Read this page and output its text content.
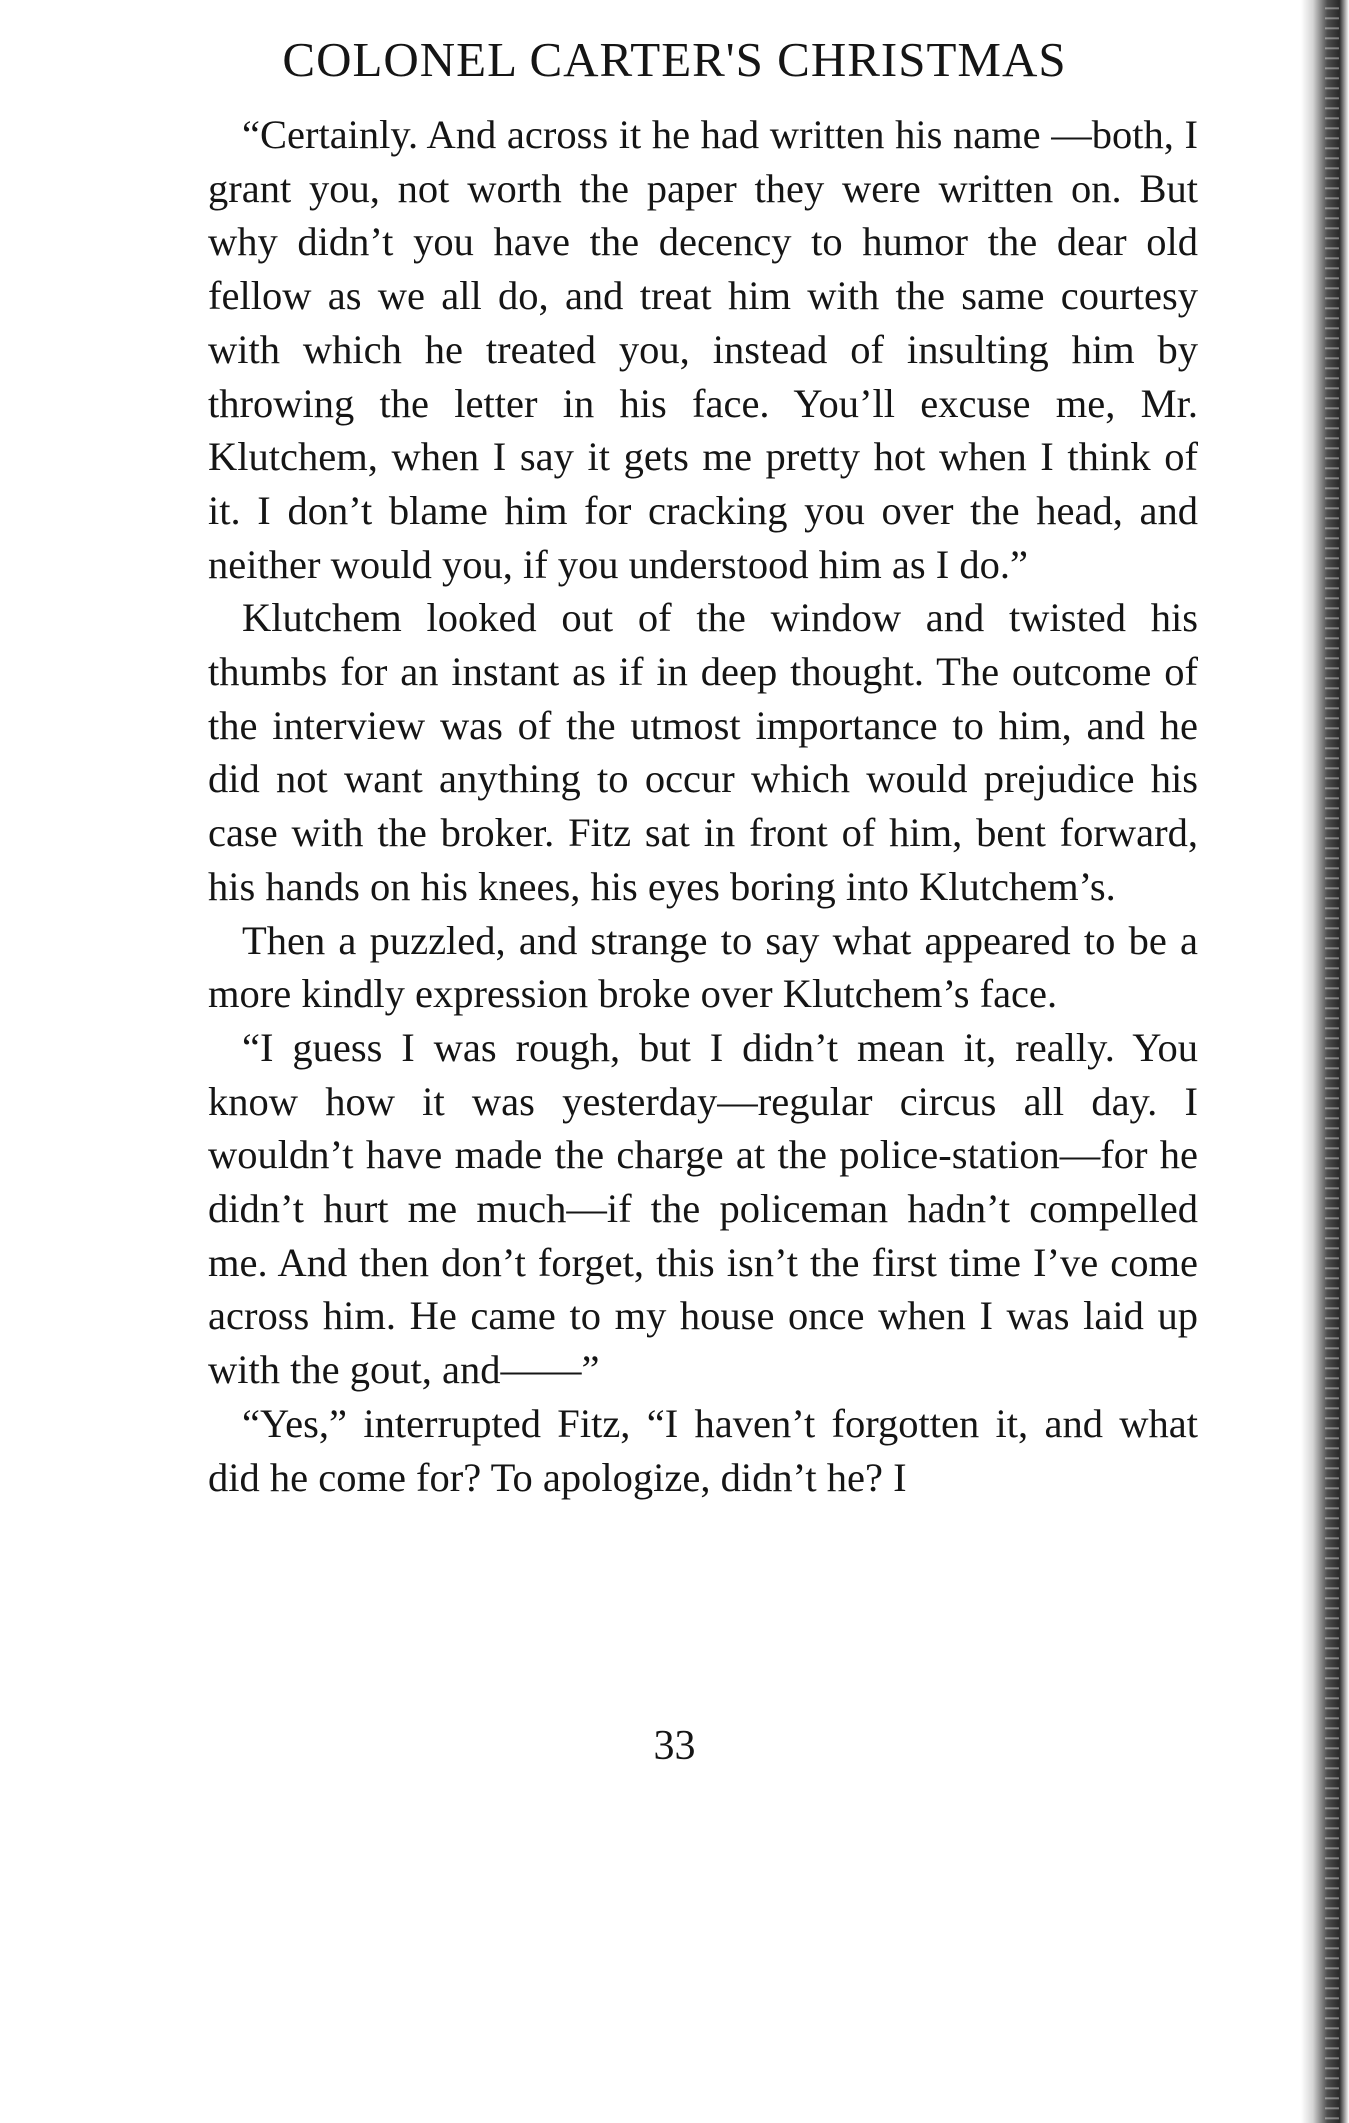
COLONEL CARTER'S CHRISTMAS

“Certainly. And across it he had written his name —both, I grant you, not worth the paper they were written on. But why didn’t you have the decency to humor the dear old fellow as we all do, and treat him with the same courtesy with which he treated you, instead of insulting him by throwing the letter in his face. You’ll excuse me, Mr. Klutchem, when I say it gets me pretty hot when I think of it. I don’t blame him for cracking you over the head, and neither would you, if you understood him as I do.”

Klutchem looked out of the window and twisted his thumbs for an instant as if in deep thought. The outcome of the interview was of the utmost importance to him, and he did not want anything to occur which would prejudice his case with the broker. Fitz sat in front of him, bent forward, his hands on his knees, his eyes boring into Klutchem’s.

Then a puzzled, and strange to say what appeared to be a more kindly expression broke over Klutchem’s face.

“I guess I was rough, but I didn’t mean it, really. You know how it was yesterday—regular circus all day. I wouldn’t have made the charge at the police-station—for he didn’t hurt me much—if the policeman hadn’t compelled me. And then don’t forget, this isn’t the first time I’ve come across him. He came to my house once when I was laid up with the gout, and——”

“Yes,” interrupted Fitz, “I haven’t forgotten it, and what did he come for? To apologize, didn’t he? I

33
